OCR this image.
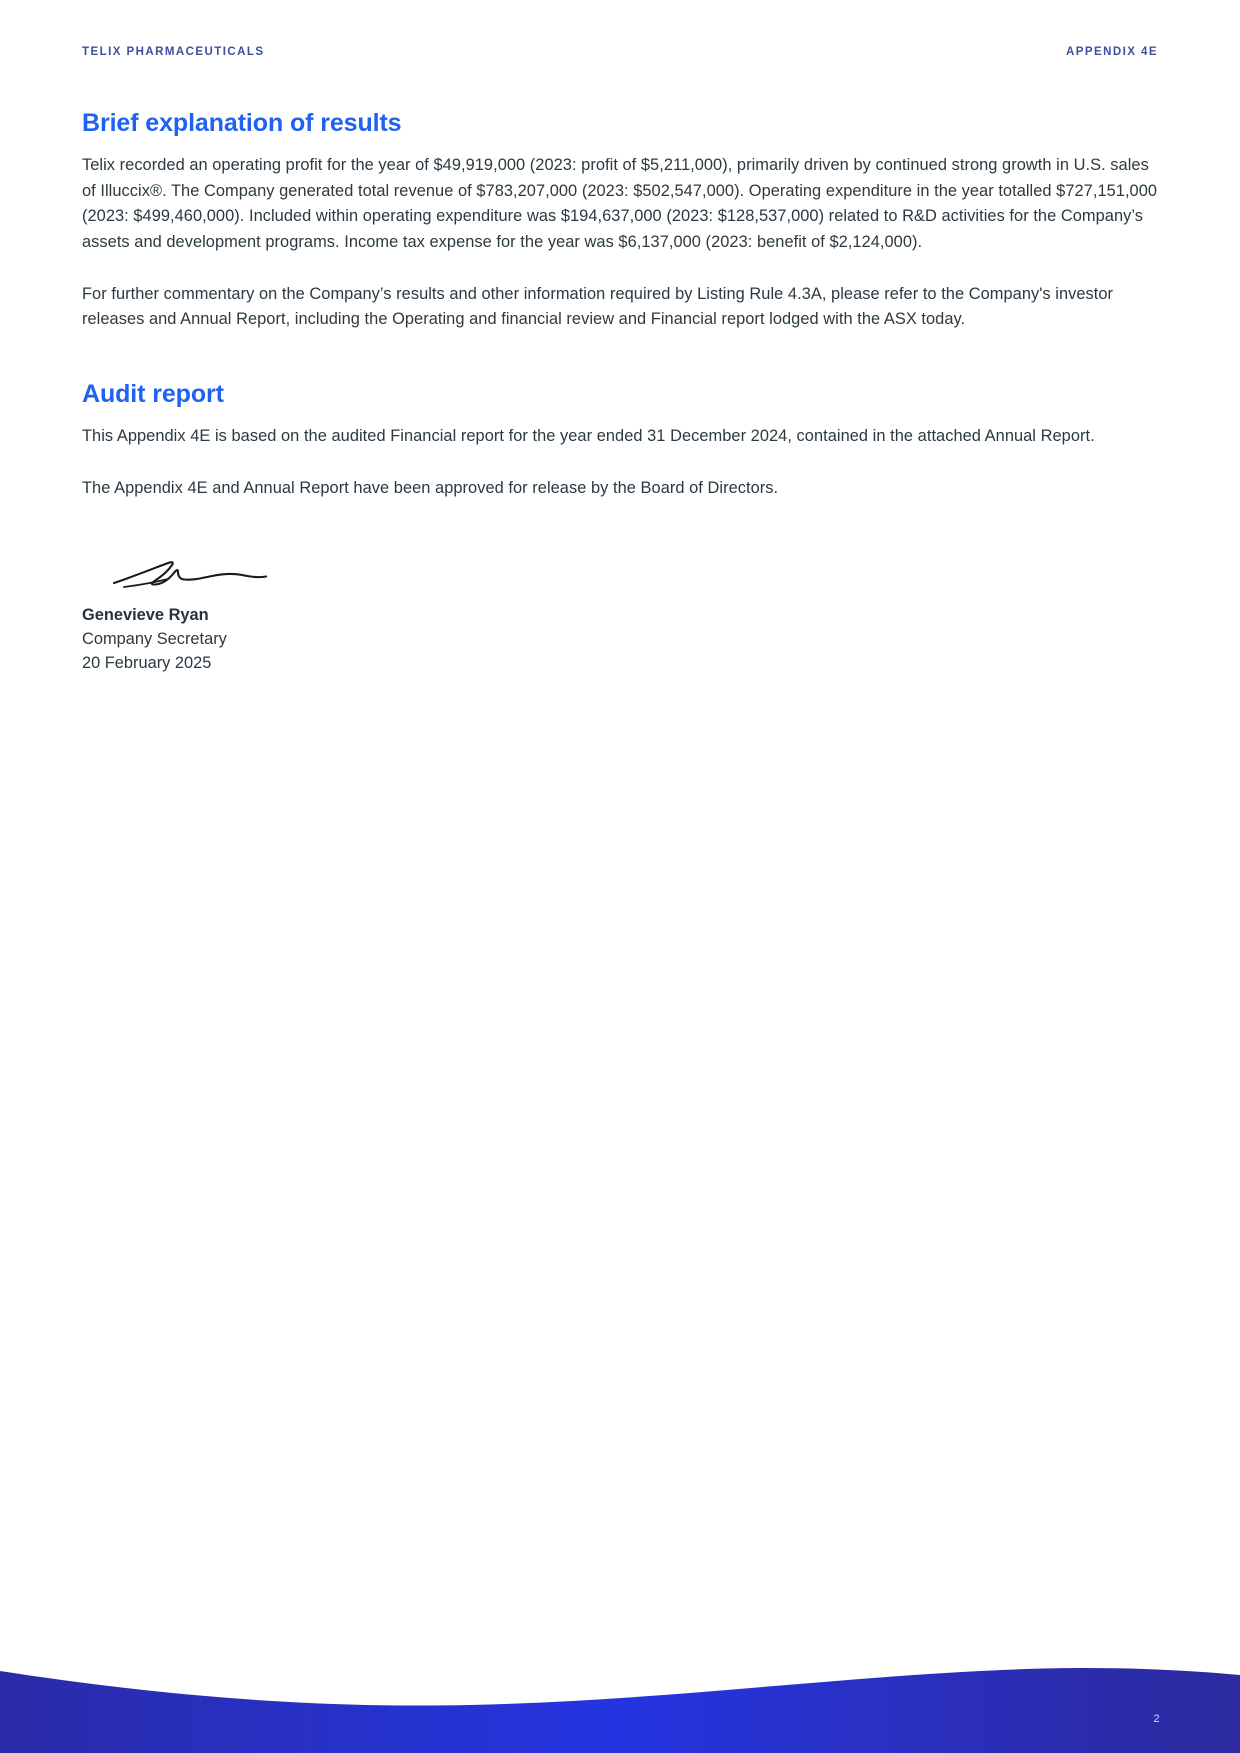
TELIX PHARMACEUTICALS	APPENDIX 4E
Brief explanation of results

Telix recorded an operating profit for the year of $49,919,000 (2023: profit of $5,211,000), primarily driven by continued strong growth in U.S. sales of Illuccix®. The Company generated total revenue of $783,207,000 (2023: $502,547,000). Operating expenditure in the year totalled $727,151,000 (2023: $499,460,000). Included within operating expenditure was $194,637,000 (2023: $128,537,000) related to R&D activities for the Company’s assets and development programs. Income tax expense for the year was $6,137,000 (2023: benefit of $2,124,000).

For further commentary on the Company’s results and other information required by Listing Rule 4.3A, please refer to the Company's investor releases and Annual Report, including the Operating and financial review and Financial report lodged with the ASX today.

Audit report

This Appendix 4E is based on the audited Financial report for the year ended 31 December 2024, contained in the attached Annual Report.

The Appendix 4E and Annual Report have been approved for release by the Board of Directors.

Genevieve Ryan

Company Secretary

20 February 2025

2
